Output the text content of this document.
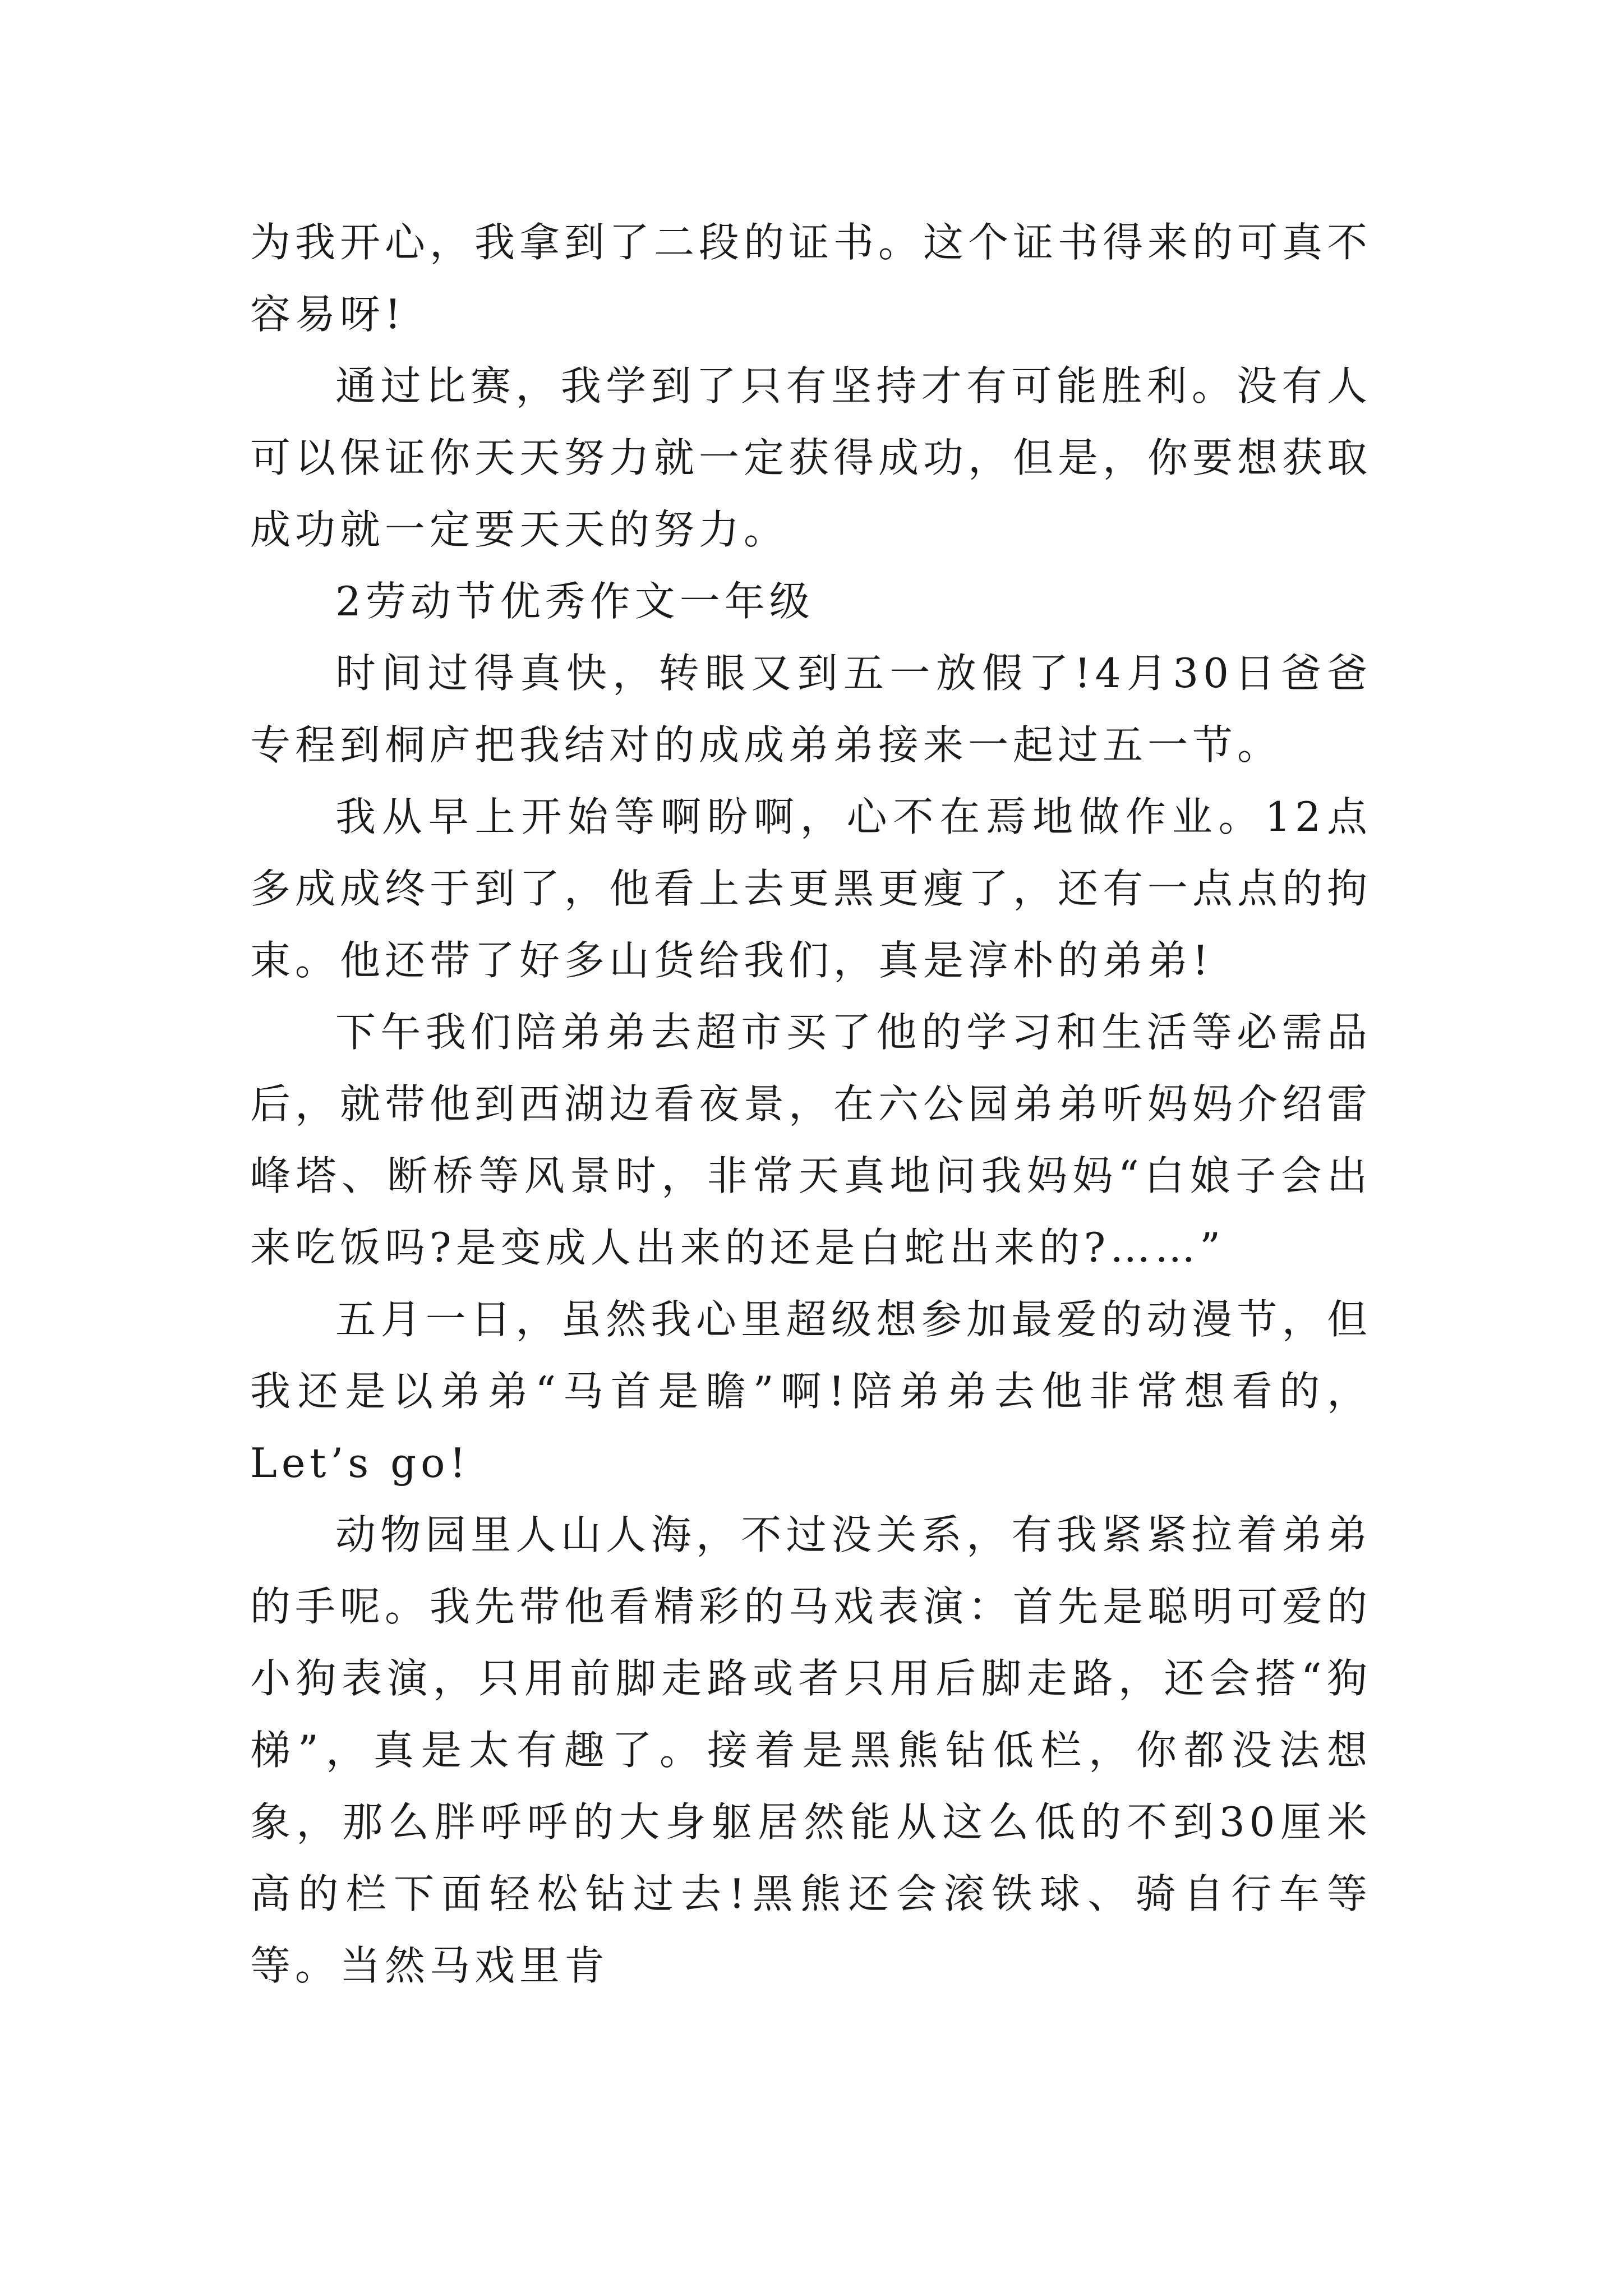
为我开心，我拿到了二段的证书。这个证书得来的可真不容易呀!

通过比赛，我学到了只有坚持才有可能胜利。没有人可以保证你天天努力就一定获得成功，但是，你要想获取成功就一定要天天的努力。

2劳动节优秀作文一年级

时间过得真快，转眼又到五一放假了!4月30日爸爸专程到桐庐把我结对的成成弟弟接来一起过五一节。

我从早上开始等啊盼啊，心不在焉地做作业。12点多成成终于到了，他看上去更黑更瘦了，还有一点点的拘束。他还带了好多山货给我们，真是淳朴的弟弟!

下午我们陪弟弟去超市买了他的学习和生活等必需品后，就带他到西湖边看夜景，在六公园弟弟听妈妈介绍雷峰塔、断桥等风景时，非常天真地问我妈妈“白娘子会出来吃饭吗?是变成人出来的还是白蛇出来的?……”

五月一日，虽然我心里超级想参加最爱的动漫节，但我还是以弟弟“马首是瞻”啊!陪弟弟去他非常想看的，Let’s go!

动物园里人山人海，不过没关系，有我紧紧拉着弟弟的手呢。我先带他看精彩的马戏表演：首先是聪明可爱的小狗表演，只用前脚走路或者只用后脚走路，还会搭“狗梯”，真是太有趣了。接着是黑熊钻低栏，你都没法想象，那么胖呼呼的大身躯居然能从这么低的不到30厘米高的栏下面轻松钻过去!黑熊还会滚铁球、骑自行车等等。当然马戏里肯
